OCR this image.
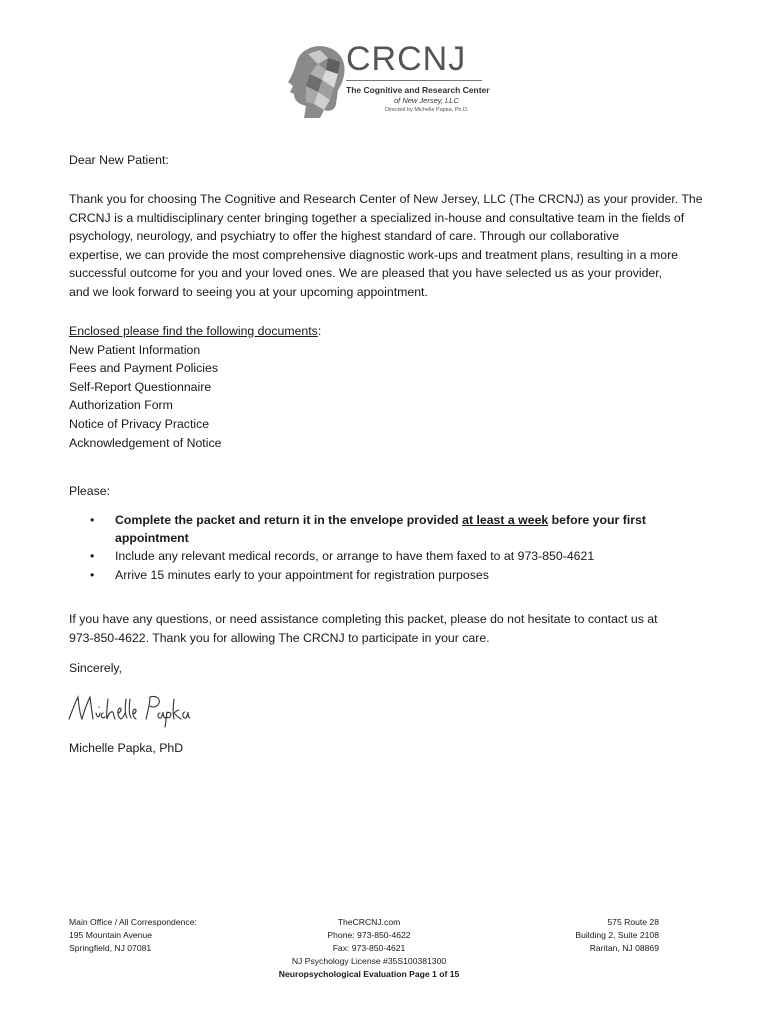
CRCNJ
The Cognitive and Research Center
of New Jersey, LLC
Directed by Michelle Papka, Ph.D.
Dear New Patient:
Thank you for choosing The Cognitive and Research Center of New Jersey, LLC (The CRCNJ) as your provider. The
CRCNJ is a multidisciplinary center bringing together a specialized in-house and consultative team in the fields of
psychology, neurology, and psychiatry to offer the highest standard of care. Through our collaborative
expertise, we can provide the most comprehensive diagnostic work-ups and treatment plans, resulting in a more
successful outcome for you and your loved ones. We are pleased that you have selected us as your provider,
and we look forward to seeing you at your upcoming appointment.
Enclosed please find the following documents:
New Patient Information
Fees and Payment Policies
Self-Report Questionnaire
Authorization Form
Notice of Privacy Practice
Acknowledgement of Notice
Please:
• Complete the packet and return it in the envelope provided at least a week before your first
appointment
• Include any relevant medical records, or arrange to have them faxed to at 973-850-4621
• Arrive 15 minutes early to your appointment for registration purposes
If you have any questions, or need assistance completing this packet, please do not hesitate to contact us at
973-850-4622. Thank you for allowing The CRCNJ to participate in your care.
Sincerely,
Michelle Papka, PhD
Main Office / All Correspondence:
195 Mountain Avenue
Springfield, NJ 07081
TheCRCNJ.com
Phone: 973-850-4622
Fax: 973-850-4621
NJ Psychology License #35S100381300
Neuropsychological Evaluation Page 1 of 15
575 Route 28
Building 2, Suite 2108
Raritan, NJ 08869
